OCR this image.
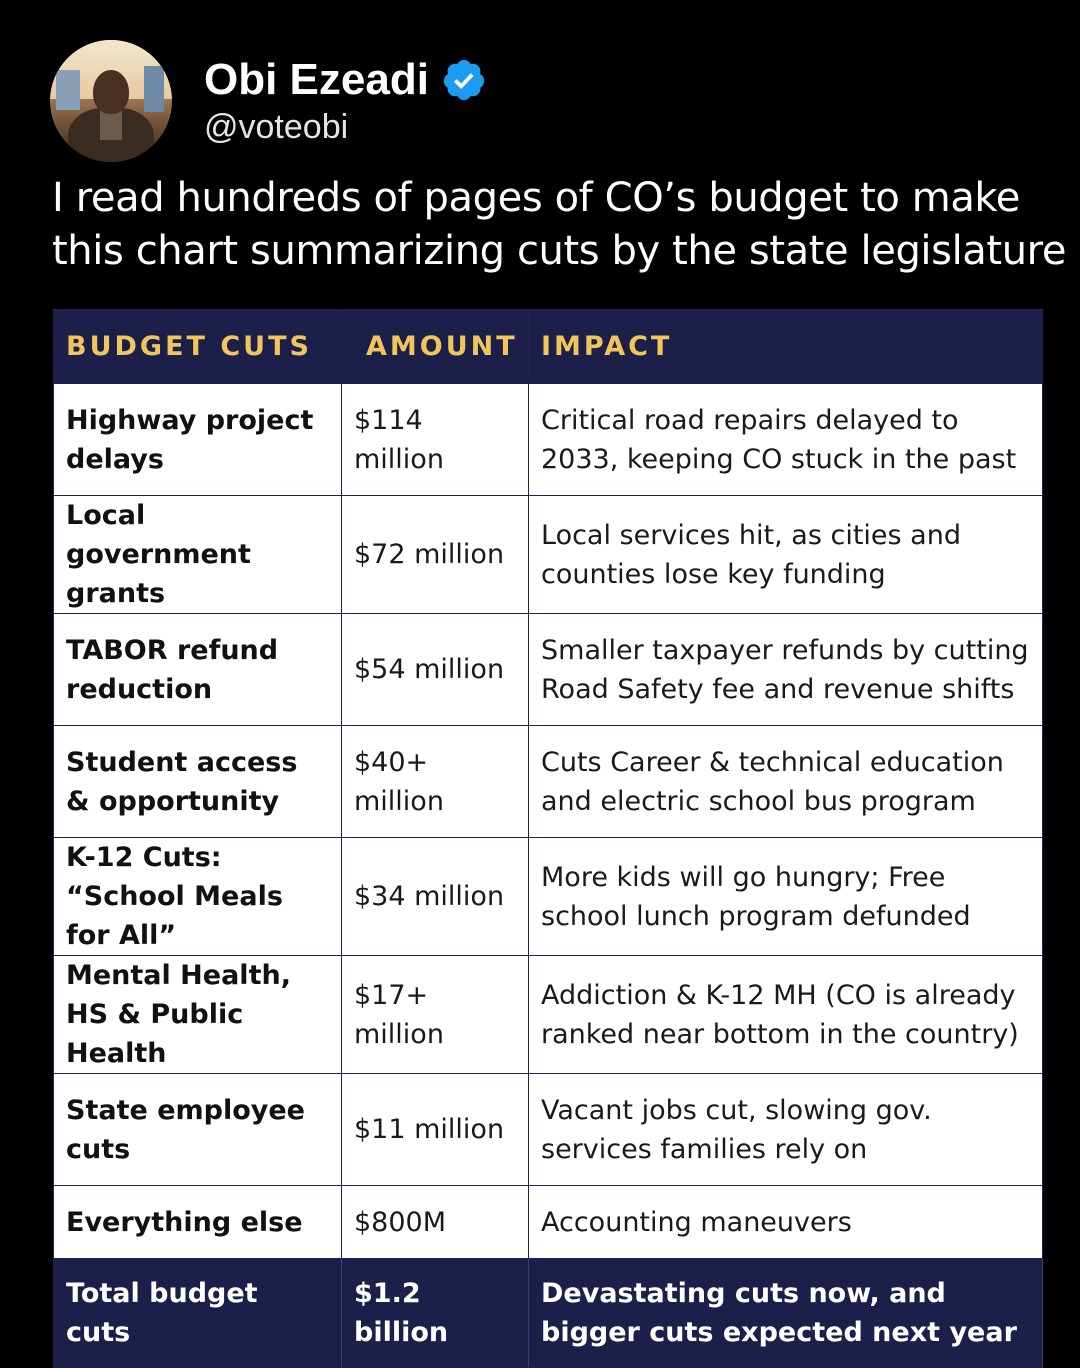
Obi Ezeadi
@voteobi
I read hundreds of pages of CO’s budget to make
this chart summarizing cuts by the state legislature
BUDGET CUTS	AMOUNT	IMPACT
Highway project delays	$114 million	Critical road repairs delayed to 2033, keeping CO stuck in the past
Local government grants	$72 million	Local services hit, as cities and counties lose key funding
TABOR refund reduction	$54 million	Smaller taxpayer refunds by cutting Road Safety fee and revenue shifts
Student access & opportunity	$40+ million	Cuts Career & technical education and electric school bus program
K-12 Cuts: “School Meals for All”	$34 million	More kids will go hungry; Free school lunch program defunded
Mental Health, HS & Public Health	$17+ million	Addiction & K-12 MH (CO is already ranked near bottom in the country)
State employee cuts	$11 million	Vacant jobs cut, slowing gov. services families rely on
Everything else	$800M	Accounting maneuvers
Total budget cuts	$1.2 billion	Devastating cuts now, and bigger cuts expected next year
